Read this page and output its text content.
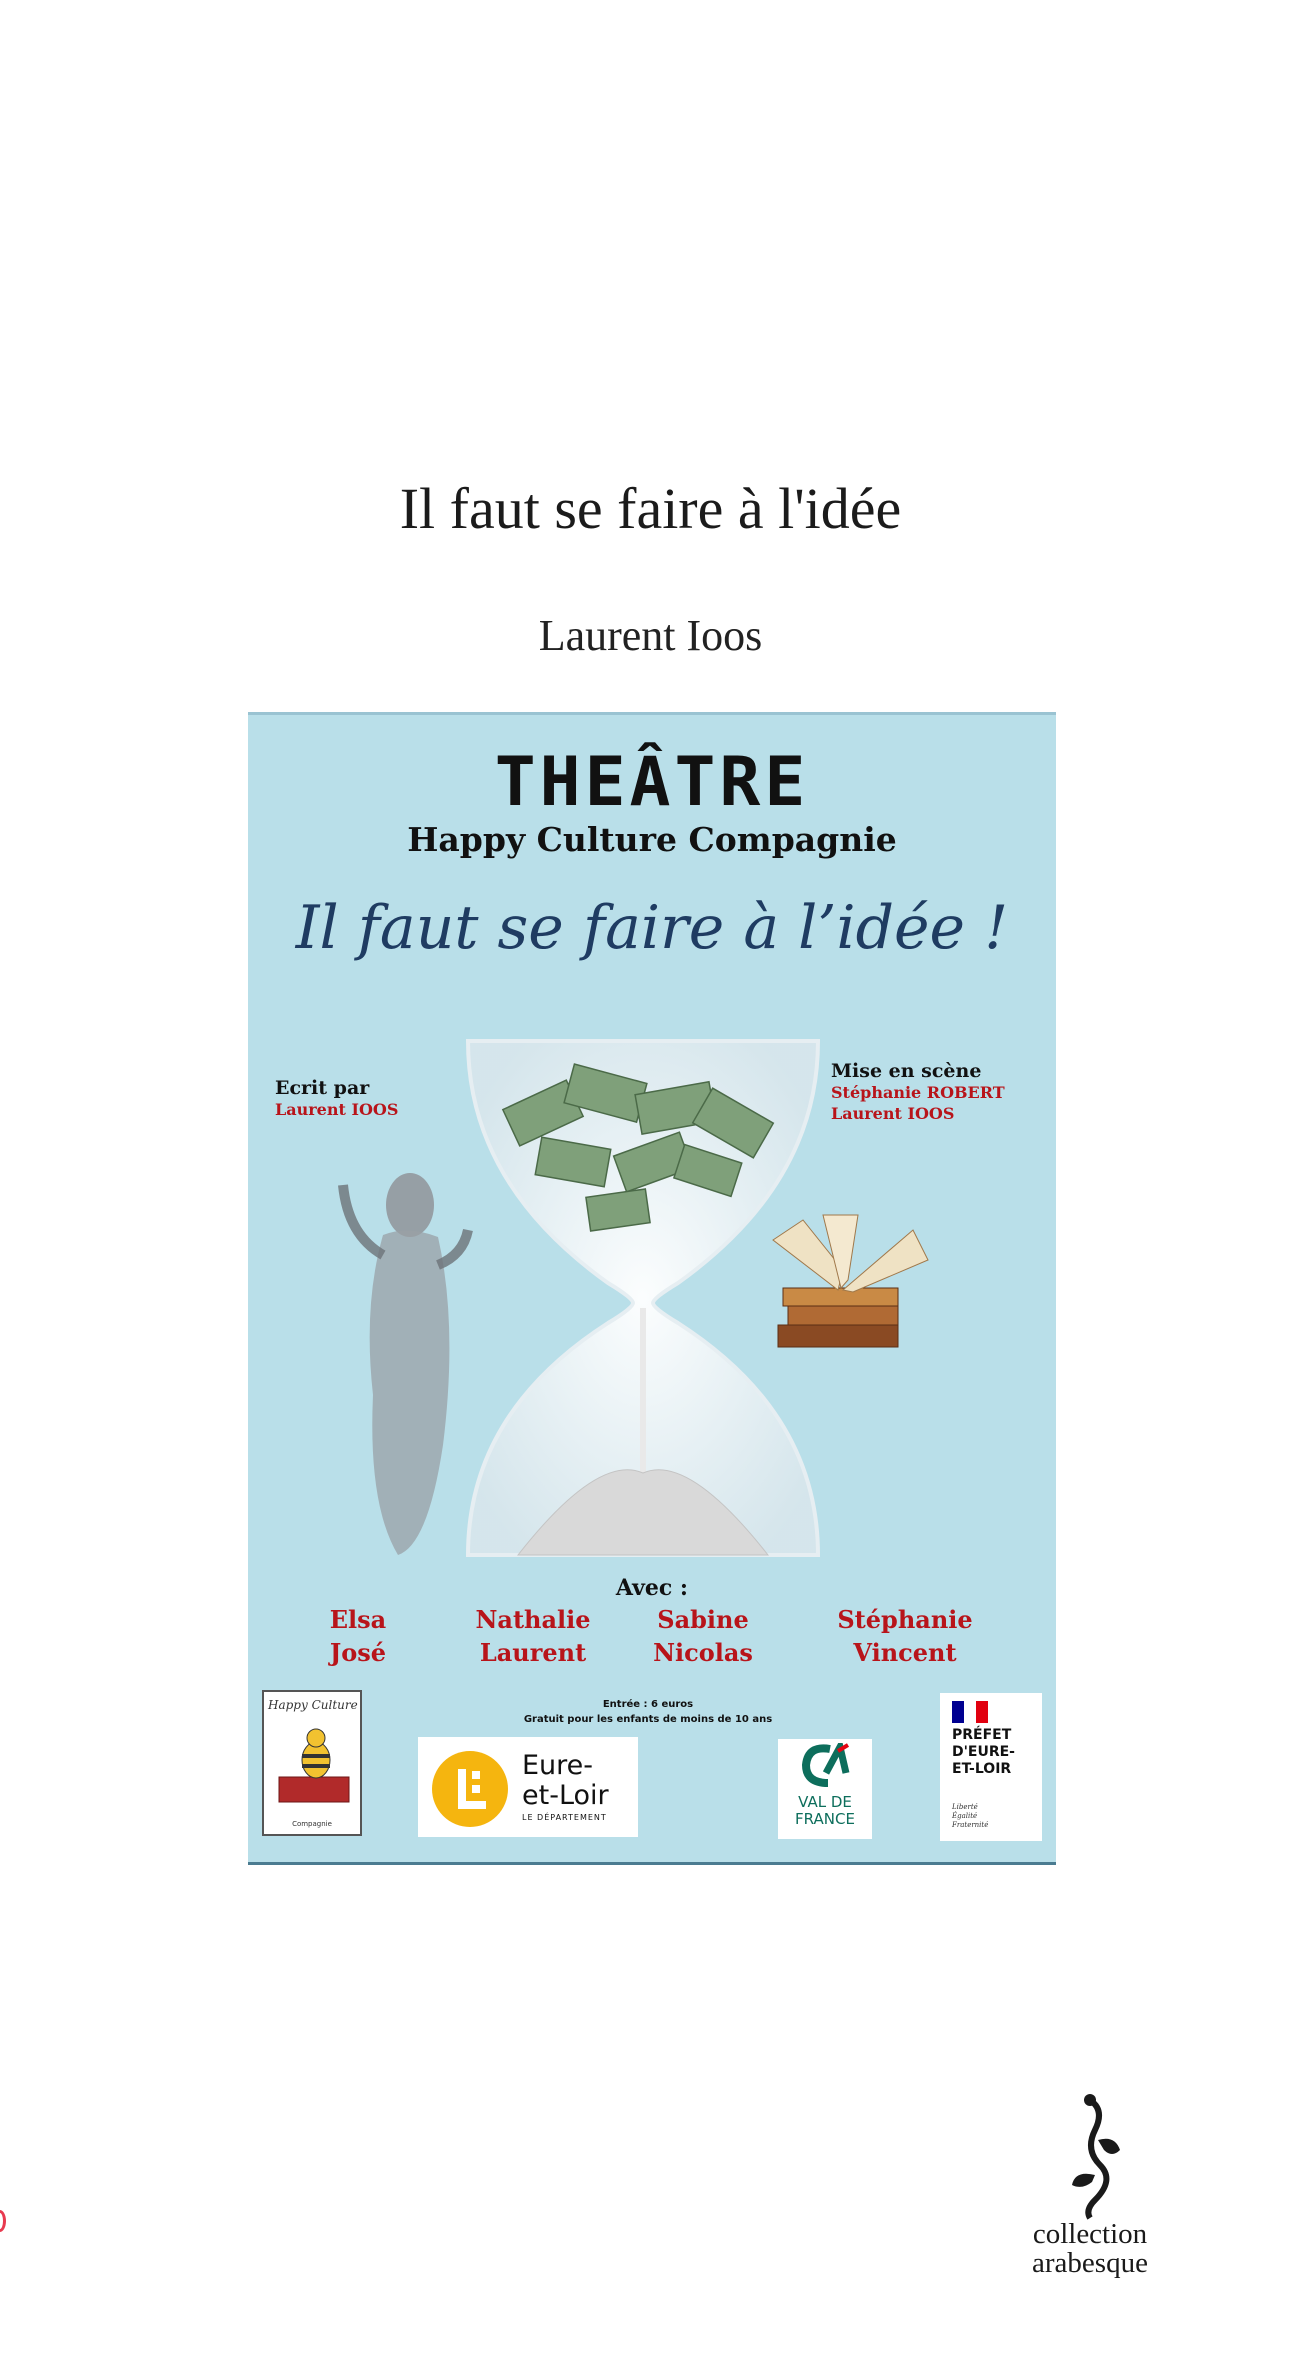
Il faut se faire à l'idée
Laurent Ioos
THEÂTRE
Happy Culture Compagnie
Il faut se faire à l’idée !
Ecrit par
Laurent IOOS
Mise en scène
Stéphanie ROBERT
Laurent IOOS
Avec :
Elsa
José
Nathalie
Laurent
Sabine
Nicolas
Stéphanie
Vincent
Entrée : 6 euros
Gratuit pour les enfants de moins de 10 ans
Happy Culture
Compagnie
Eure-
et-Loir
LE DÉPARTEMENT
VAL DE
FRANCE
PRÉFET
D'EURE-
ET-LOIR
Liberté
Égalité
Fraternité
collection
arabesque
